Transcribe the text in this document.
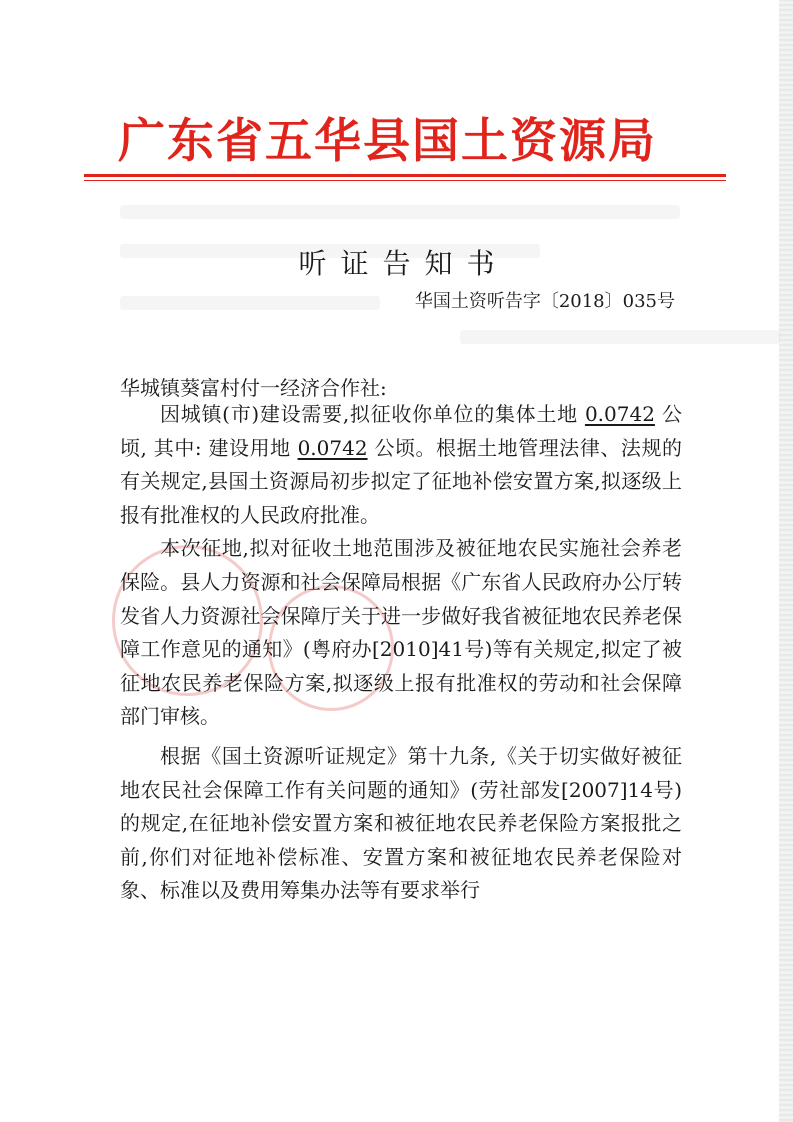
广东省五华县国土资源局
听证告知书
华国土资听告字〔2018〕035号
华城镇葵富村付一经济合作社:

因城镇(市)建设需要,拟征收你单位的集体土地 0.0742 公顷, 其中: 建设用地 0.0742 公顷。根据土地管理法律、法规的有关规定,县国土资源局初步拟定了征地补偿安置方案,拟逐级上报有批准权的人民政府批准。

本次征地,拟对征收土地范围涉及被征地农民实施社会养老保险。县人力资源和社会保障局根据《广东省人民政府办公厅转发省人力资源社会保障厅关于进一步做好我省被征地农民养老保障工作意见的通知》(粤府办[2010]41号)等有关规定,拟定了被征地农民养老保险方案,拟逐级上报有批准权的劳动和社会保障部门审核。

根据《国土资源听证规定》第十九条,《关于切实做好被征地农民社会保障工作有关问题的通知》(劳社部发[2007]14号)的规定,在征地补偿安置方案和被征地农民养老保险方案报批之前,你们对征地补偿标准、安置方案和被征地农民养老保险对象、标准以及费用筹集办法等有要求举行
